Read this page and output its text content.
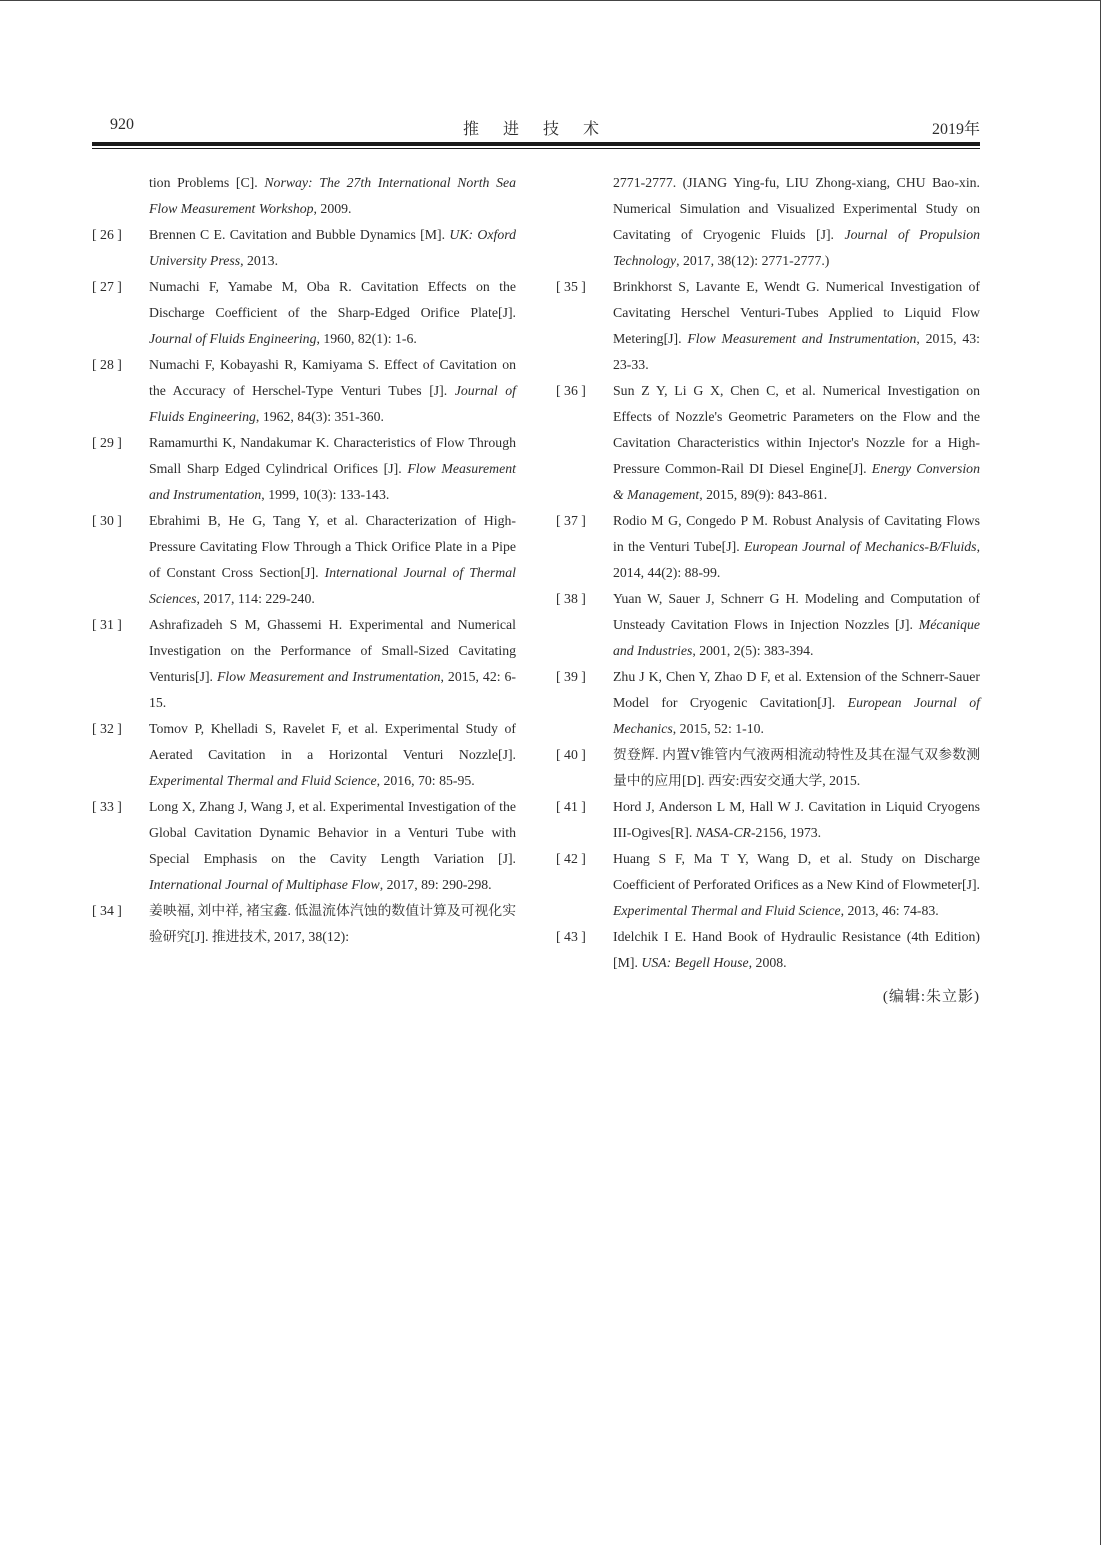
920	推 进 技 术	2019年
tion Problems [C]. Norway: The 27th International North Sea Flow Measurement Workshop, 2009.
[ 26 ]	Brennen C E. Cavitation and Bubble Dynamics [M]. UK: Oxford University Press, 2013.
[ 27 ]	Numachi F, Yamabe M, Oba R. Cavitation Effects on the Discharge Coefficient of the Sharp-Edged Orifice Plate[J]. Journal of Fluids Engineering, 1960, 82(1): 1-6.
[ 28 ]	Numachi F, Kobayashi R, Kamiyama S. Effect of Cavitation on the Accuracy of Herschel-Type Venturi Tubes [J]. Journal of Fluids Engineering, 1962, 84(3): 351-360.
[ 29 ]	Ramamurthi K, Nandakumar K. Characteristics of Flow Through Small Sharp Edged Cylindrical Orifices [J]. Flow Measurement and Instrumentation, 1999, 10(3): 133-143.
[ 30 ]	Ebrahimi B, He G, Tang Y, et al. Characterization of High-Pressure Cavitating Flow Through a Thick Orifice Plate in a Pipe of Constant Cross Section[J]. International Journal of Thermal Sciences, 2017, 114: 229-240.
[ 31 ]	Ashrafizadeh S M, Ghassemi H. Experimental and Numerical Investigation on the Performance of Small-Sized Cavitating Venturis[J]. Flow Measurement and Instrumentation, 2015, 42: 6-15.
[ 32 ]	Tomov P, Khelladi S, Ravelet F, et al. Experimental Study of Aerated Cavitation in a Horizontal Venturi Nozzle[J]. Experimental Thermal and Fluid Science, 2016, 70: 85-95.
[ 33 ]	Long X, Zhang J, Wang J, et al. Experimental Investigation of the Global Cavitation Dynamic Behavior in a Venturi Tube with Special Emphasis on the Cavity Length Variation [J]. International Journal of Multiphase Flow, 2017, 89: 290-298.
[ 34 ]	姜映福, 刘中祥, 褚宝鑫. 低温流体汽蚀的数值计算及可视化实验研究[J]. 推进技术, 2017, 38(12):
2771-2777. (JIANG Ying-fu, LIU Zhong-xiang, CHU Bao-xin. Numerical Simulation and Visualized Experimental Study on Cavitating of Cryogenic Fluids [J]. Journal of Propulsion Technology, 2017, 38(12): 2771-2777.)
[ 35 ]	Brinkhorst S, Lavante E, Wendt G. Numerical Investigation of Cavitating Herschel Venturi-Tubes Applied to Liquid Flow Metering[J]. Flow Measurement and Instrumentation, 2015, 43: 23-33.
[ 36 ]	Sun Z Y, Li G X, Chen C, et al. Numerical Investigation on Effects of Nozzle's Geometric Parameters on the Flow and the Cavitation Characteristics within Injector's Nozzle for a High-Pressure Common-Rail DI Diesel Engine[J]. Energy Conversion & Management, 2015, 89(9): 843-861.
[ 37 ]	Rodio M G, Congedo P M. Robust Analysis of Cavitating Flows in the Venturi Tube[J]. European Journal of Mechanics-B/Fluids, 2014, 44(2): 88-99.
[ 38 ]	Yuan W, Sauer J, Schnerr G H. Modeling and Computation of Unsteady Cavitation Flows in Injection Nozzles [J]. Mécanique and Industries, 2001, 2(5): 383-394.
[ 39 ]	Zhu J K, Chen Y, Zhao D F, et al. Extension of the Schnerr-Sauer Model for Cryogenic Cavitation[J]. European Journal of Mechanics, 2015, 52: 1-10.
[ 40 ]	贺登辉. 内置V锥管内气液两相流动特性及其在湿气双参数测量中的应用[D]. 西安:西安交通大学, 2015.
[ 41 ]	Hord J, Anderson L M, Hall W J. Cavitation in Liquid Cryogens III-Ogives[R]. NASA-CR-2156, 1973.
[ 42 ]	Huang S F, Ma T Y, Wang D, et al. Study on Discharge Coefficient of Perforated Orifices as a New Kind of Flowmeter[J]. Experimental Thermal and Fluid Science, 2013, 46: 74-83.
[ 43 ]	Idelchik I E. Hand Book of Hydraulic Resistance (4th Edition)[M]. USA: Begell House, 2008.
(编辑:朱立影)
